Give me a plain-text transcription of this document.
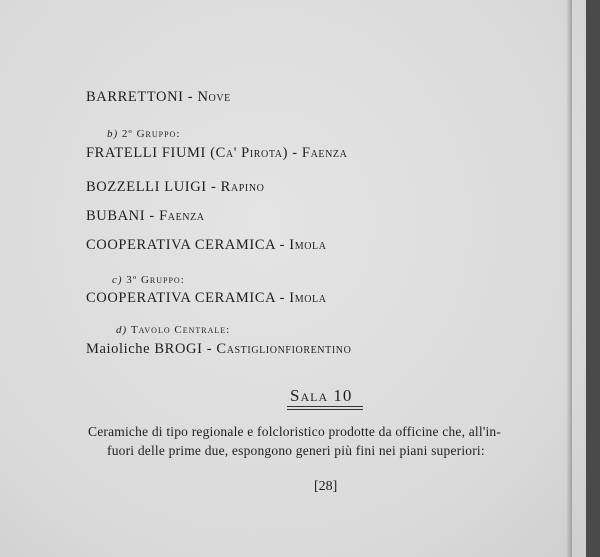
BARRETTONI - Nove
b) 2º Gruppo:
FRATELLI FIUMI (Ca' Pirota) - Faenza
BOZZELLI LUIGI - Rapino
BUBANI - Faenza
COOPERATIVA CERAMICA - Imola
c) 3º Gruppo:
COOPERATIVA CERAMICA - Imola
d) Tavolo Centrale:
Maioliche BROGI - Castiglionfiorentino
Sala 10
Ceramiche di tipo regionale e folcloristico prodotte da officine che, all'in-
fuori delle prime due, espongono generi più fini nei piani superiori:
[28]
